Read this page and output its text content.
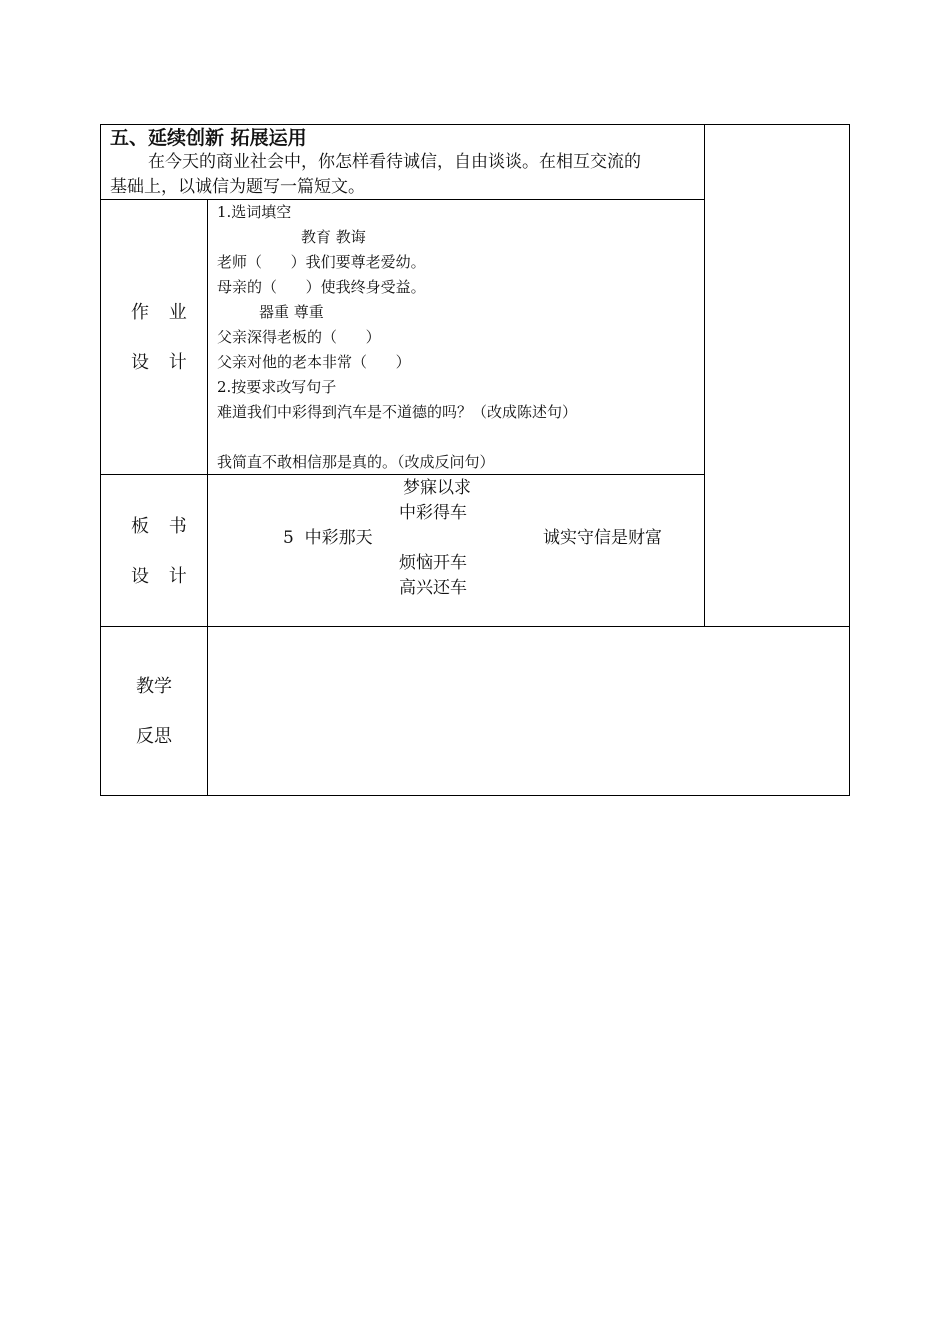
五、延续创新 拓展运用
在今天的商业社会中，你怎样看待诚信，自由谈谈。在相互交流的
基础上，以诚信为题写一篇短文。
作 业
设 计
1.选词填空
教育 教诲
老师（      ）我们要尊老爱幼。
母亲的（      ）使我终身受益。
器重 尊重
父亲深得老板的（      ）
父亲对他的老本非常（      ）
2.按要求改写句子
难道我们中彩得到汽车是不道德的吗？（改成陈述句）
我简直不敢相信那是真的。（改成反问句）
板 书
设 计
梦寐以求
中彩得车
5  中彩那天	诚实守信是财富
烦恼开车
高兴还车
教学
反思
